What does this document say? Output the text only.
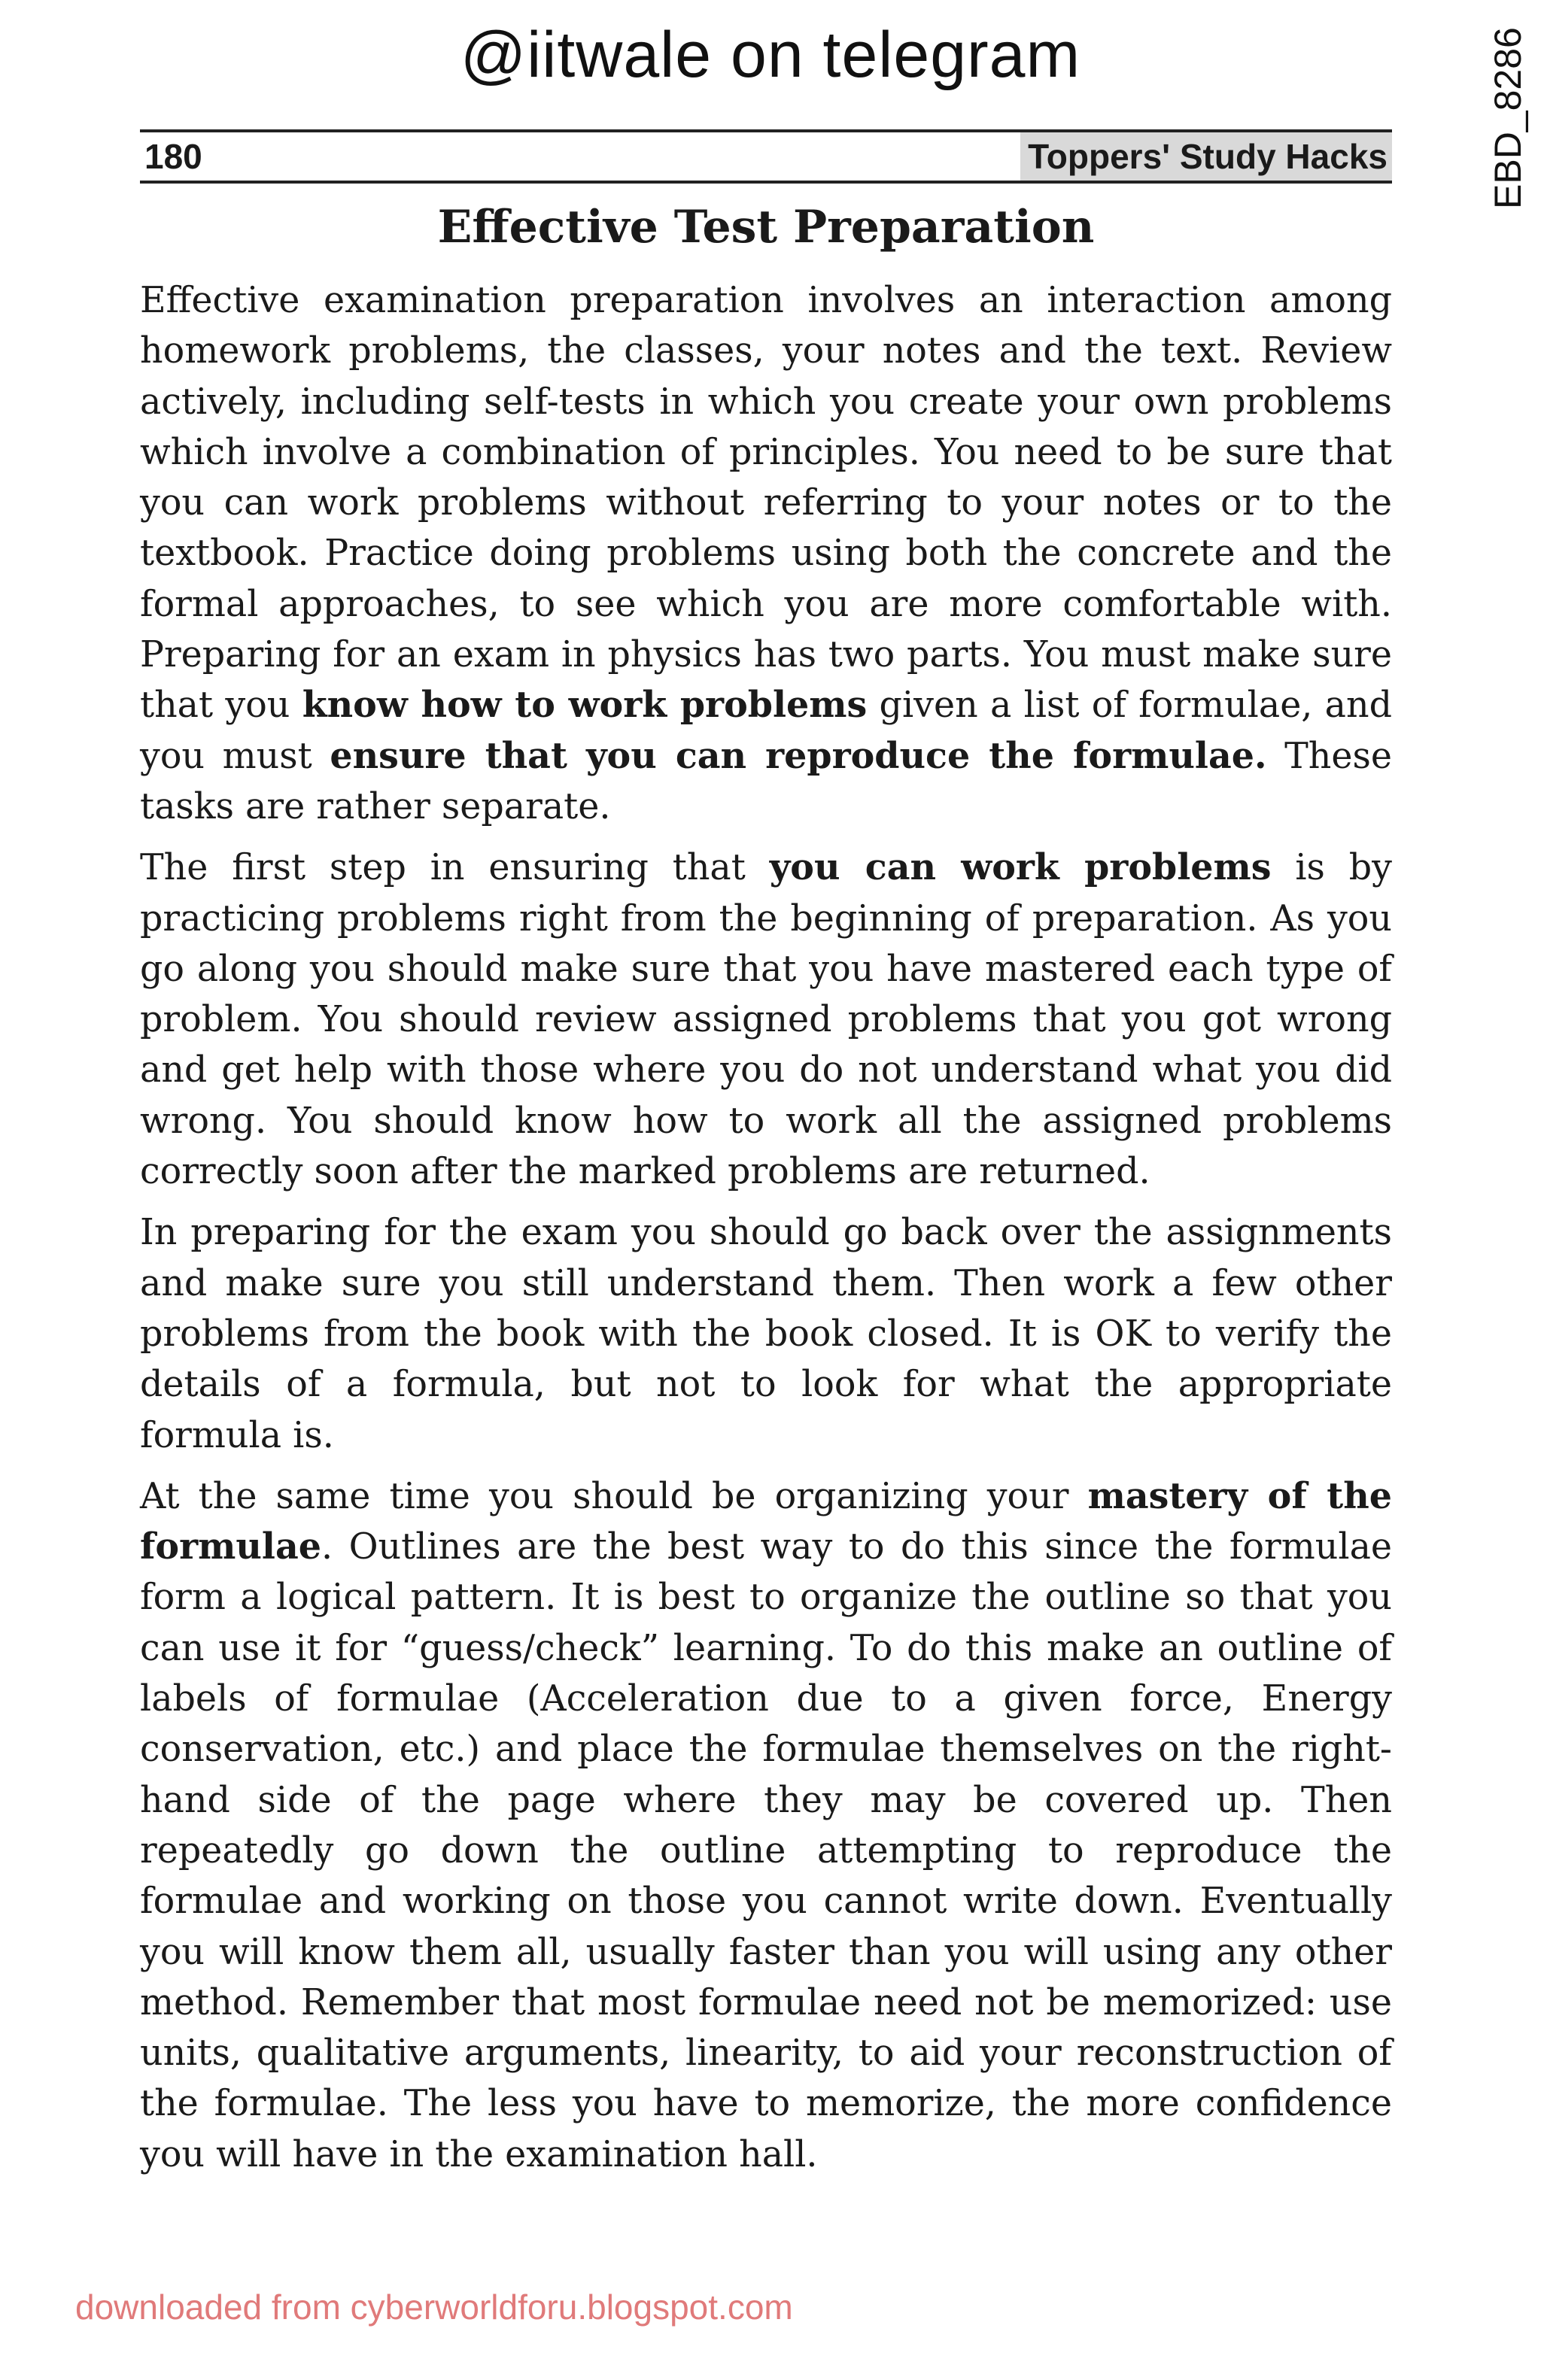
@iitwale on telegram	EBD_8286
180	Toppers' Study Hacks
Effective Test Preparation

Effective examination preparation involves an interaction among homework problems, the classes, your notes and the text. Review actively, including self-tests in which you create your own problems which involve a combination of principles. You need to be sure that you can work problems without referring to your notes or to the textbook. Practice doing problems using both the concrete and the formal approaches, to see which you are more comfortable with. Preparing for an exam in physics has two parts. You must make sure that you know how to work problems given a list of formulae, and you must ensure that you can reproduce the formulae. These tasks are rather separate.

The first step in ensuring that you can work problems is by practicing problems right from the beginning of preparation. As you go along you should make sure that you have mastered each type of problem. You should review assigned problems that you got wrong and get help with those where you do not understand what you did wrong. You should know how to work all the assigned problems correctly soon after the marked problems are returned.

In preparing for the exam you should go back over the assignments and make sure you still understand them. Then work a few other problems from the book with the book closed. It is OK to verify the details of a formula, but not to look for what the appropriate formula is.

At the same time you should be organizing your mastery of the formulae. Outlines are the best way to do this since the formulae form a logical pattern. It is best to organize the outline so that you can use it for “guess/check” learning. To do this make an outline of labels of formulae (Acceleration due to a given force, Energy conservation, etc.) and place the formulae themselves on the right-hand side of the page where they may be covered up. Then repeatedly go down the outline attempting to reproduce the formulae and working on those you cannot write down. Eventually you will know them all, usually faster than you will using any other method. Remember that most formulae need not be memorized: use units, qualitative arguments, linearity, to aid your reconstruction of the formulae. The less you have to memorize, the more confidence you will have in the examination hall.

downloaded from cyberworldforu.blogspot.com
